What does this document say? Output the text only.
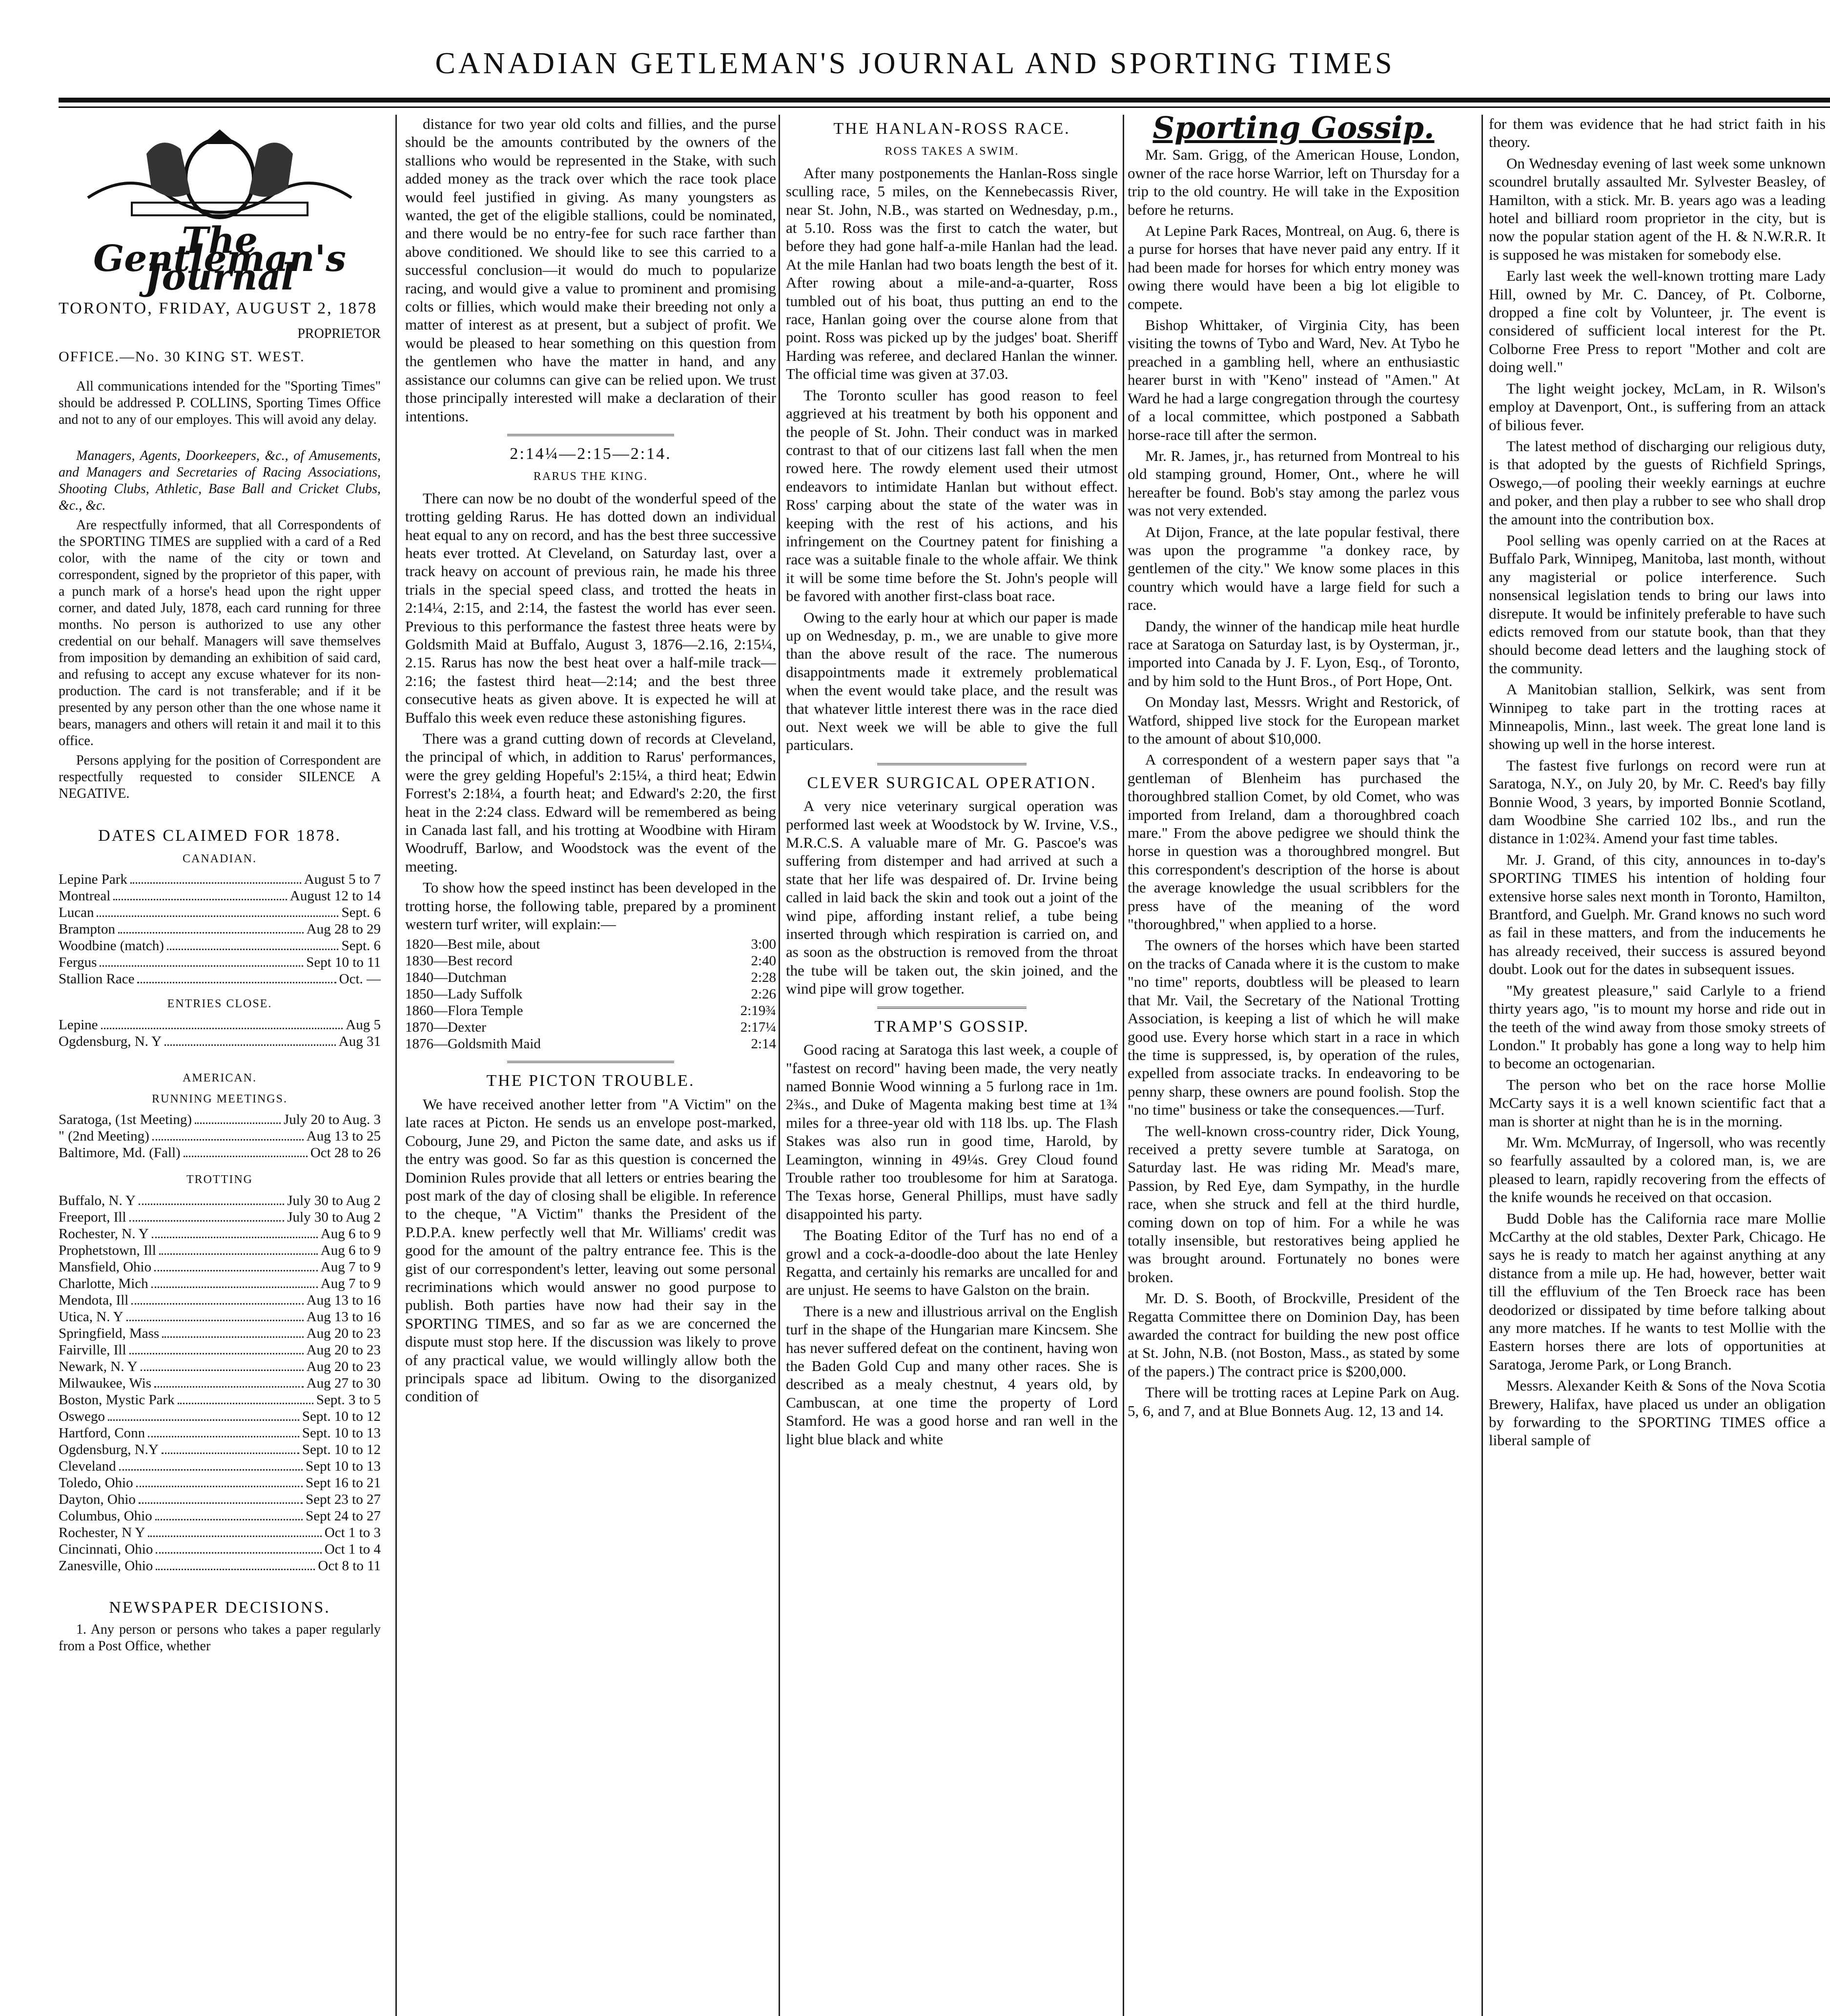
CANADIAN GETLEMAN'S JOURNAL AND SPORTING TIMES
The Gentleman's Journal
TORONTO, FRIDAY, AUGUST 2, 1878
PROPRIETOR
OFFICE.—No. 30 KING ST. WEST.

All communications intended for the "Sporting Times" should be addressed P. COLLINS, Sporting Times Office and not to any of our employes. This will avoid any delay.

Managers, Agents, Doorkeepers, &c., of Amusements, and Managers and Secretaries of Racing Associations, Shooting Clubs, Athletic, Base Ball and Cricket Clubs, &c., &c.

Are respectfully informed, that all Correspondents of the SPORTING TIMES are supplied with a card of a Red color, with the name of the city or town and correspondent, signed by the proprietor of this paper, with a punch mark of a horse's head upon the right upper corner, and dated July, 1878, each card running for three months. No person is authorized to use any other credential on our behalf. Managers will save themselves from imposition by demanding an exhibition of said card, and refusing to accept any excuse whatever for its non-production. The card is not transferable; and if it be presented by any person other than the one whose name it bears, managers and others will retain it and mail it to this office.

Persons applying for the position of Correspondent are respectfully requested to consider SILENCE A NEGATIVE.

DATES CLAIMED FOR 1878.
CANADIAN.
Lepine Park	August 5 to 7
Montreal	August 12 to 14
Lucan	Sept. 6
Brampton	Aug 28 to 29
Woodbine (match)	Sept. 6
Fergus	Sept 10 to 11
Stallion Race	Oct. —
ENTRIES CLOSE.
Lepine	Aug 5
Ogdensburg, N. Y	Aug 31
AMERICAN.
RUNNING MEETINGS.
Saratoga, (1st Meeting)	July 20 to Aug. 3
" (2nd Meeting)	Aug 13 to 25
Baltimore, Md. (Fall)	Oct 28 to 26
TROTTING
Buffalo, N. Y	July 30 to Aug 2
Freeport, Ill	July 30 to Aug 2
Rochester, N. Y	Aug 6 to 9
Prophetstown, Ill	Aug 6 to 9
Mansfield, Ohio	Aug 7 to 9
Charlotte, Mich	Aug 7 to 9
Mendota, Ill	Aug 13 to 16
Utica, N. Y	Aug 13 to 16
Springfield, Mass	Aug 20 to 23
Fairville, Ill	Aug 20 to 23
Newark, N. Y	Aug 20 to 23
Milwaukee, Wis	Aug 27 to 30
Boston, Mystic Park	Sept. 3 to 5
Oswego	Sept. 10 to 12
Hartford, Conn	Sept. 10 to 13
Ogdensburg, N.Y	Sept. 10 to 12
Cleveland	Sept 10 to 13
Toledo, Ohio	Sept 16 to 21
Dayton, Ohio	Sept 23 to 27
Columbus, Ohio	Sept 24 to 27
Rochester, N Y	Oct 1 to 3
Cincinnati, Ohio	Oct 1 to 4
Zanesville, Ohio	Oct 8 to 11
NEWSPAPER DECISIONS.

1. Any person or persons who takes a paper regularly from a Post Office, whether

distance for two year old colts and fillies, and the purse should be the amounts contributed by the owners of the stallions who would be represented in the Stake, with such added money as the track over which the race took place would feel justified in giving. As many youngsters as wanted, the get of the eligible stallions, could be nominated, and there would be no entry-fee for such race farther than above conditioned. We should like to see this carried to a successful conclusion—it would do much to popularize racing, and would give a value to prominent and promising colts or fillies, which would make their breeding not only a matter of interest as at present, but a subject of profit. We would be pleased to hear something on this question from the gentlemen who have the matter in hand, and any assistance our columns can give can be relied upon. We trust those principally interested will make a declaration of their intentions.

2:14¼—2:15—2:14.
RARUS THE KING.

There can now be no doubt of the wonderful speed of the trotting gelding Rarus. He has dotted down an individual heat equal to any on record, and has the best three successive heats ever trotted. At Cleveland, on Saturday last, over a track heavy on account of previous rain, he made his three trials in the special speed class, and trotted the heats in 2:14¼, 2:15, and 2:14, the fastest the world has ever seen. Previous to this performance the fastest three heats were by Goldsmith Maid at Buffalo, August 3, 1876—2.16, 2:15¼, 2.15. Rarus has now the best heat over a half-mile track—2:16; the fastest third heat—2:14; and the best three consecutive heats as given above. It is expected he will at Buffalo this week even reduce these astonishing figures.

There was a grand cutting down of records at Cleveland, the principal of which, in addition to Rarus' performances, were the grey gelding Hopeful's 2:15¼, a third heat; Edwin Forrest's 2:18¼, a fourth heat; and Edward's 2:20, the first heat in the 2:24 class. Edward will be remembered as being in Canada last fall, and his trotting at Woodbine with Hiram Woodruff, Barlow, and Woodstock was the event of the meeting.

To show how the speed instinct has been developed in the trotting horse, the following table, prepared by a prominent western turf writer, will explain:—

1820—Best mile, about	3:00
1830—Best record	2:40
1840—Dutchman	2:28
1850—Lady Suffolk	2:26
1860—Flora Temple	2:19¾
1870—Dexter	2:17¼
1876—Goldsmith Maid	2:14
THE PICTON TROUBLE.

We have received another letter from "A Victim" on the late races at Picton. He sends us an envelope post-marked, Cobourg, June 29, and Picton the same date, and asks us if the entry was good. So far as this question is concerned the Dominion Rules provide that all letters or entries bearing the post mark of the day of closing shall be eligible. In reference to the cheque, "A Victim" thanks the President of the P.D.P.A. knew perfectly well that Mr. Williams' credit was good for the amount of the paltry entrance fee. This is the gist of our correspondent's letter, leaving out some personal recriminations which would answer no good purpose to publish. Both parties have now had their say in the SPORTING TIMES, and so far as we are concerned the dispute must stop here. If the discussion was likely to prove of any practical value, we would willingly allow both the principals space ad libitum. Owing to the disorganized condition of

THE HANLAN-ROSS RACE.
ROSS TAKES A SWIM.

After many postponements the Hanlan-Ross single sculling race, 5 miles, on the Kennebecassis River, near St. John, N.B., was started on Wednesday, p.m., at 5.10. Ross was the first to catch the water, but before they had gone half-a-mile Hanlan had the lead. At the mile Hanlan had two boats length the best of it. After rowing about a mile-and-a-quarter, Ross tumbled out of his boat, thus putting an end to the race, Hanlan going over the course alone from that point. Ross was picked up by the judges' boat. Sheriff Harding was referee, and declared Hanlan the winner. The official time was given at 37.03.

The Toronto sculler has good reason to feel aggrieved at his treatment by both his opponent and the people of St. John. Their conduct was in marked contrast to that of our citizens last fall when the men rowed here. The rowdy element used their utmost endeavors to intimidate Hanlan but without effect. Ross' carping about the state of the water was in keeping with the rest of his actions, and his infringement on the Courtney patent for finishing a race was a suitable finale to the whole affair. We think it will be some time before the St. John's people will be favored with another first-class boat race.

Owing to the early hour at which our paper is made up on Wednesday, p. m., we are unable to give more than the above result of the race. The numerous disappointments made it extremely problematical when the event would take place, and the result was that whatever little interest there was in the race died out. Next week we will be able to give the full particulars.

CLEVER SURGICAL OPERATION.

A very nice veterinary surgical operation was performed last week at Woodstock by W. Irvine, V.S., M.R.C.S. A valuable mare of Mr. G. Pascoe's was suffering from distemper and had arrived at such a state that her life was despaired of. Dr. Irvine being called in laid back the skin and took out a joint of the wind pipe, affording instant relief, a tube being inserted through which respiration is carried on, and as soon as the obstruction is removed from the throat the tube will be taken out, the skin joined, and the wind pipe will grow together.

TRAMP'S GOSSIP.

Good racing at Saratoga this last week, a couple of "fastest on record" having been made, the very neatly named Bonnie Wood winning a 5 furlong race in 1m. 2¾s., and Duke of Magenta making best time at 1¾ miles for a three-year old with 118 lbs. up. The Flash Stakes was also run in good time, Harold, by Leamington, winning in 49¼s. Grey Cloud found Trouble rather too troublesome for him at Saratoga. The Texas horse, General Phillips, must have sadly disappointed his party.

The Boating Editor of the Turf has no end of a growl and a cock-a-doodle-doo about the late Henley Regatta, and certainly his remarks are uncalled for and are unjust. He seems to have Galston on the brain.

There is a new and illustrious arrival on the English turf in the shape of the Hungarian mare Kincsem. She has never suffered defeat on the continent, having won the Baden Gold Cup and many other races. She is described as a mealy chestnut, 4 years old, by Cambuscan, at one time the property of Lord Stamford. He was a good horse and ran well in the light blue black and white

Sporting Gossip.

Mr. Sam. Grigg, of the American House, London, owner of the race horse Warrior, left on Thursday for a trip to the old country. He will take in the Exposition before he returns.

At Lepine Park Races, Montreal, on Aug. 6, there is a purse for horses that have never paid any entry. If it had been made for horses for which entry money was owing there would have been a big lot eligible to compete.

Bishop Whittaker, of Virginia City, has been visiting the towns of Tybo and Ward, Nev. At Tybo he preached in a gambling hell, where an enthusiastic hearer burst in with "Keno" instead of "Amen." At Ward he had a large congregation through the courtesy of a local committee, which postponed a Sabbath horse-race till after the sermon.

Mr. R. James, jr., has returned from Montreal to his old stamping ground, Homer, Ont., where he will hereafter be found. Bob's stay among the parlez vous was not very extended.

At Dijon, France, at the late popular festival, there was upon the programme "a donkey race, by gentlemen of the city." We know some places in this country which would have a large field for such a race.

Dandy, the winner of the handicap mile heat hurdle race at Saratoga on Saturday last, is by Oysterman, jr., imported into Canada by J. F. Lyon, Esq., of Toronto, and by him sold to the Hunt Bros., of Port Hope, Ont.

On Monday last, Messrs. Wright and Restorick, of Watford, shipped live stock for the European market to the amount of about $10,000.

A correspondent of a western paper says that "a gentleman of Blenheim has purchased the thoroughbred stallion Comet, by old Comet, who was imported from Ireland, dam a thoroughbred coach mare." From the above pedigree we should think the horse in question was a thoroughbred mongrel. But this correspondent's description of the horse is about the average knowledge the usual scribblers for the press have of the meaning of the word "thoroughbred," when applied to a horse.

The owners of the horses which have been started on the tracks of Canada where it is the custom to make "no time" reports, doubtless will be pleased to learn that Mr. Vail, the Secretary of the National Trotting Association, is keeping a list of which he will make good use. Every horse which start in a race in which the time is suppressed, is, by operation of the rules, expelled from associate tracks. In endeavoring to be penny sharp, these owners are pound foolish. Stop the "no time" business or take the consequences.—Turf.

The well-known cross-country rider, Dick Young, received a pretty severe tumble at Saratoga, on Saturday last. He was riding Mr. Mead's mare, Passion, by Red Eye, dam Sympathy, in the hurdle race, when she struck and fell at the third hurdle, coming down on top of him. For a while he was totally insensible, but restoratives being applied he was brought around. Fortunately no bones were broken.

Mr. D. S. Booth, of Brockville, President of the Regatta Committee there on Dominion Day, has been awarded the contract for building the new post office at St. John, N.B. (not Boston, Mass., as stated by some of the papers.) The contract price is $200,000.

There will be trotting races at Lepine Park on Aug. 5, 6, and 7, and at Blue Bonnets Aug. 12, 13 and 14.

for them was evidence that he had strict faith in his theory.

On Wednesday evening of last week some unknown scoundrel brutally assaulted Mr. Sylvester Beasley, of Hamilton, with a stick. Mr. B. years ago was a leading hotel and billiard room proprietor in the city, but is now the popular station agent of the H. & N.W.R.R. It is supposed he was mistaken for somebody else.

Early last week the well-known trotting mare Lady Hill, owned by Mr. C. Dancey, of Pt. Colborne, dropped a fine colt by Volunteer, jr. The event is considered of sufficient local interest for the Pt. Colborne Free Press to report "Mother and colt are doing well."

The light weight jockey, McLam, in R. Wilson's employ at Davenport, Ont., is suffering from an attack of bilious fever.

The latest method of discharging our religious duty, is that adopted by the guests of Richfield Springs, Oswego,—of pooling their weekly earnings at euchre and poker, and then play a rubber to see who shall drop the amount into the contribution box.

Pool selling was openly carried on at the Races at Buffalo Park, Winnipeg, Manitoba, last month, without any magisterial or police interference. Such nonsensical legislation tends to bring our laws into disrepute. It would be infinitely preferable to have such edicts removed from our statute book, than that they should become dead letters and the laughing stock of the community.

A Manitobian stallion, Selkirk, was sent from Winnipeg to take part in the trotting races at Minneapolis, Minn., last week. The great lone land is showing up well in the horse interest.

The fastest five furlongs on record were run at Saratoga, N.Y., on July 20, by Mr. C. Reed's bay filly Bonnie Wood, 3 years, by imported Bonnie Scotland, dam Woodbine She carried 102 lbs., and run the distance in 1:02¾. Amend your fast time tables.

Mr. J. Grand, of this city, announces in to-day's SPORTING TIMES his intention of holding four extensive horse sales next month in Toronto, Hamilton, Brantford, and Guelph. Mr. Grand knows no such word as fail in these matters, and from the inducements he has already received, their success is assured beyond doubt. Look out for the dates in subsequent issues.

"My greatest pleasure," said Carlyle to a friend thirty years ago, "is to mount my horse and ride out in the teeth of the wind away from those smoky streets of London." It probably has gone a long way to help him to become an octogenarian.

The person who bet on the race horse Mollie McCarty says it is a well known scientific fact that a man is shorter at night than he is in the morning.

Mr. Wm. McMurray, of Ingersoll, who was recently so fearfully assaulted by a colored man, is, we are pleased to learn, rapidly recovering from the effects of the knife wounds he received on that occasion.

Budd Doble has the California race mare Mollie McCarthy at the old stables, Dexter Park, Chicago. He says he is ready to match her against anything at any distance from a mile up. He had, however, better wait till the effluvium of the Ten Broeck race has been deodorized or dissipated by time before talking about any more matches. If he wants to test Mollie with the Eastern horses there are lots of opportunities at Saratoga, Jerome Park, or Long Branch.

Messrs. Alexander Keith & Sons of the Nova Scotia Brewery, Halifax, have placed us under an obligation by forwarding to the SPORTING TIMES office a liberal sample of
